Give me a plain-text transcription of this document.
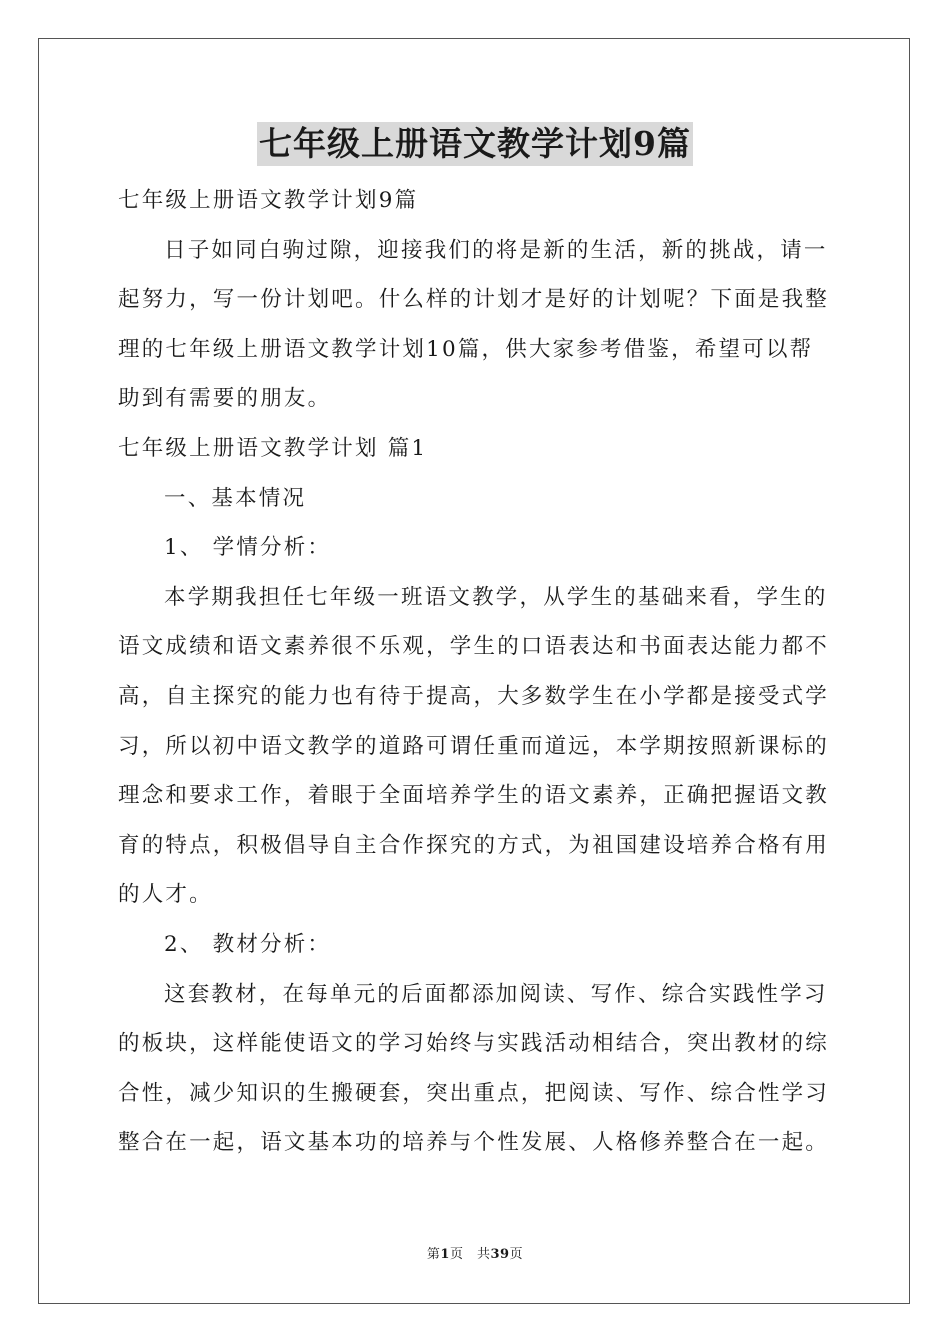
七年级上册语文教学计划9篇

七年级上册语文教学计划9篇

日子如同白驹过隙，迎接我们的将是新的生活，新的挑战，请一

起努力，写一份计划吧。什么样的计划才是好的计划呢？下面是我整

理的七年级上册语文教学计划10篇，供大家参考借鉴，希望可以帮

助到有需要的朋友。

七年级上册语文教学计划 篇1

一、基本情况

1、 学情分析：

本学期我担任七年级一班语文教学，从学生的基础来看，学生的

语文成绩和语文素养很不乐观，学生的口语表达和书面表达能力都不

高，自主探究的能力也有待于提高，大多数学生在小学都是接受式学

习，所以初中语文教学的道路可谓任重而道远，本学期按照新课标的

理念和要求工作，着眼于全面培养学生的语文素养，正确把握语文教

育的特点，积极倡导自主合作探究的方式，为祖国建设培养合格有用

的人才。

2、 教材分析：

这套教材，在每单元的后面都添加阅读、写作、综合实践性学习

的板块，这样能使语文的学习始终与实践活动相结合，突出教材的综

合性，减少知识的生搬硬套，突出重点，把阅读、写作、综合性学习

整合在一起，语文基本功的培养与个性发展、人格修养整合在一起。

第1页　共39页
